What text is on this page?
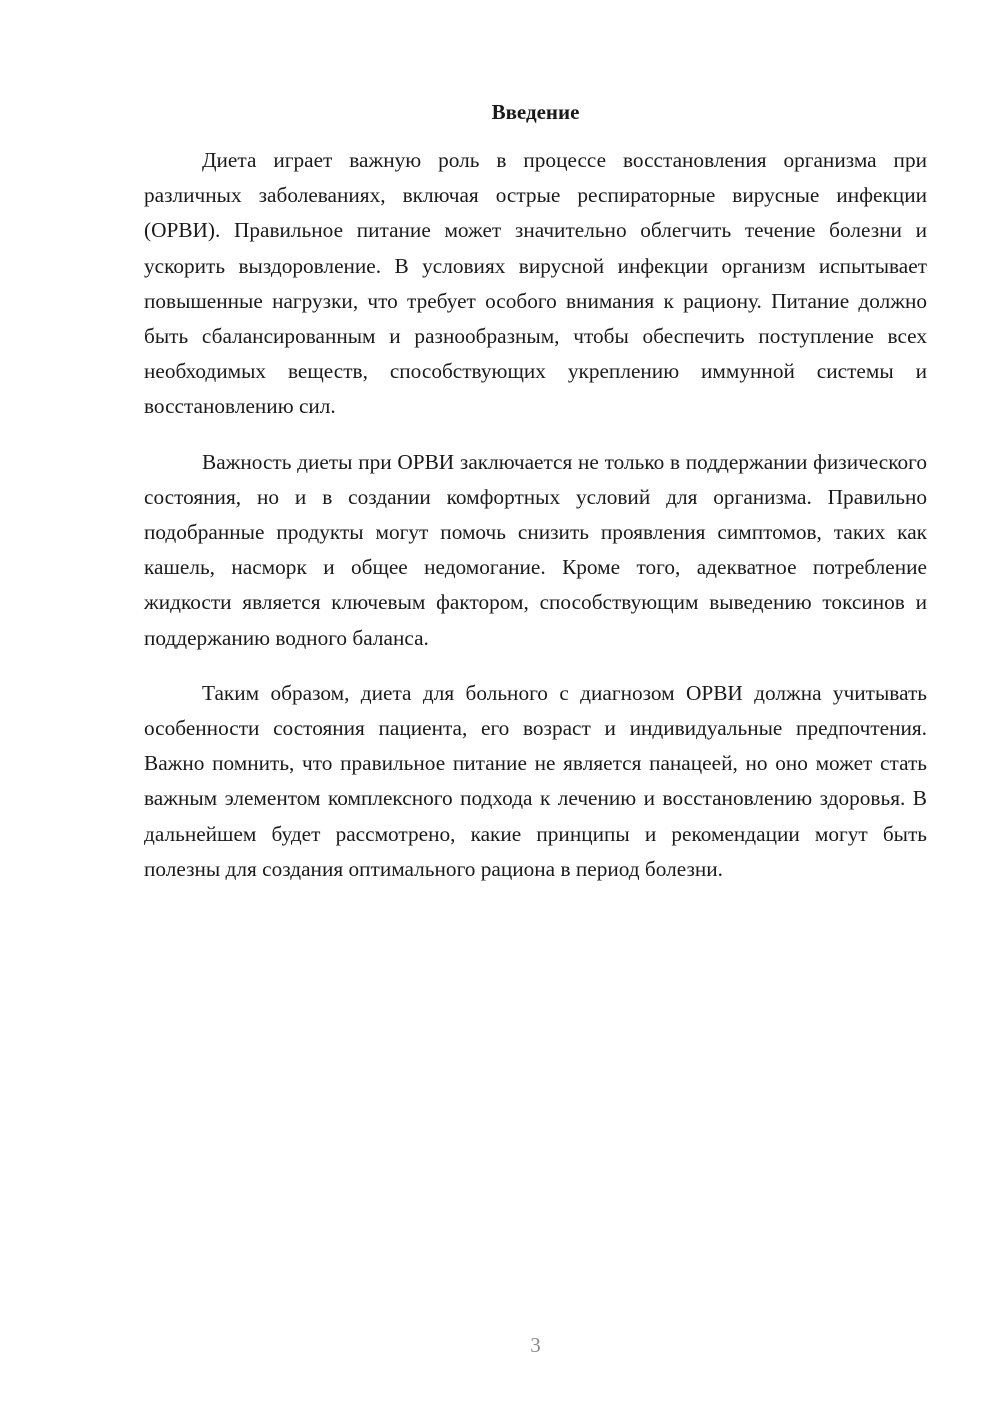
Введение

Диета играет важную роль в процессе восстановления организма при различных заболеваниях, включая острые респираторные вирусные инфекции (ОРВИ). Правильное питание может значительно облегчить течение болезни и ускорить выздоровление. В условиях вирусной инфекции организм испытывает повышенные нагрузки, что требует особого внимания к рациону. Питание должно быть сбалансированным и разнообразным, чтобы обеспечить поступление всех необходимых веществ, способствующих укреплению иммунной системы и восстановлению сил.

Важность диеты при ОРВИ заключается не только в поддержании физического состояния, но и в создании комфортных условий для организма. Правильно подобранные продукты могут помочь снизить проявления симптомов, таких как кашель, насморк и общее недомогание. Кроме того, адекватное потребление жидкости является ключевым фактором, способствующим выведению токсинов и поддержанию водного баланса.

Таким образом, диета для больного с диагнозом ОРВИ должна учитывать особенности состояния пациента, его возраст и индивидуальные предпочтения. Важно помнить, что правильное питание не является панацеей, но оно может стать важным элементом комплексного подхода к лечению и восстановлению здоровья. В дальнейшем будет рассмотрено, какие принципы и рекомендации могут быть полезны для создания оптимального рациона в период болезни.

3
